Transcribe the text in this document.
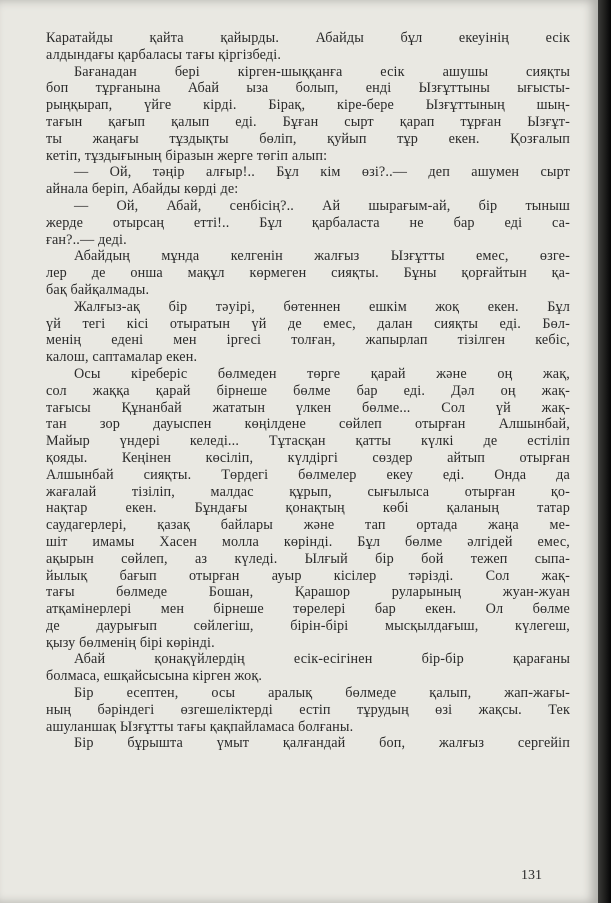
Каратайды қайта қайырды. Абайды бұл екеуінің есік
алдындағы қарбаласы тағы қіргізбеді.
Бағанадан бері кірген-шыққанға есік ашушы сияқты
боп тұрғанына Абай ыза болып, енді Ызғұттыны ығысты-
рыңқырап, үйге кірді. Бірақ, кіре-бере Ызғұттының шың-
тағын қағып қалып еді. Бұған сырт қарап тұрған Ызғұт-
ты жаңағы тұздықты бөліп, қуйып тұр екен. Қозғалып
кетіп, тұздығының біразын жерге төгіп алып:
— Ой, тәңір алғыр!.. Бұл кім өзі?..— деп ашумен сырт
айнала беріп, Абайды көрді де:
— Ой, Абай, сенбісің?.. Ай шырағым-ай, бір тыныш
жерде отырсаң етті!.. Бұл қарбаласта не бар еді са-
ған?..— деді.
Абайдың мұнда келгенін жалғыз Ызғұтты емес, өзге-
лер де онша мақұл көрмеген сияқты. Бұны қорғайтын қа-
бақ байқалмады.
Жалғыз-ақ бір тәуірі, бөтеннен ешкім жоқ екен. Бұл
үй тегі кісі отыратын үй де емес, далан сияқты еді. Бөл-
менің едені мен іргесі толған, жапырлап тізілген кебіс,
калош, саптамалар екен.
Осы кіреберіс бөлмеден төрге қарай және оң жақ,
сол жаққа қарай бірнеше бөлме бар еді. Дәл оң жақ-
тағысы Құнанбай жататын үлкен бөлме... Сол үй жақ-
тан зор дауыспен көңілдене сөйлеп отырған Алшынбай,
Майыр үндері келеді... Тұтасқан қатты күлкі де естіліп
қояды. Кеңінен көсіліп, күлдіргі сөздер айтып отырған
Алшынбай сияқты. Төрдегі бөлмелер екеу еді. Онда да
жағалай тізіліп, малдас құрып, сығылыса отырған қо-
нақтар екен. Бұндағы қонақтың көбі қаланың татар
саудагерлері, қазақ байлары және тап ортада жаңа ме-
шіт имамы Хасен молла көрінді. Бұл бөлме әлгідей емес,
ақырын сөйлеп, аз күледі. Ылғый бір бой тежеп сыпа-
йылық бағып отырған ауыр кісілер тәрізді. Сол жақ-
тағы бөлмеде Бошан, Қарашор руларының жуан-жуан
атқамінерлері мен бірнеше төрелері бар екен. Ол бөлме
де даурығып сөйлегіш, бірін-бірі мысқылдағыш, күлегеш,
қызу бөлменің бірі көрінді.
Абай қонақүйлердің есік-есігінен бір-бір қарағаны
болмаса, ешқайсысына кірген жоқ.
Бір есептен, осы аралық бөлмеде қалып, жап-жағы-
ның бәріндегі өзгешеліктерді естіп тұрудың өзі жақсы. Тек
ашуланшақ Ызғұтты тағы қақпайламаса болғаны.
Бір бұрышта үмыт қалғандай боп, жалғыз сергейіп
131
